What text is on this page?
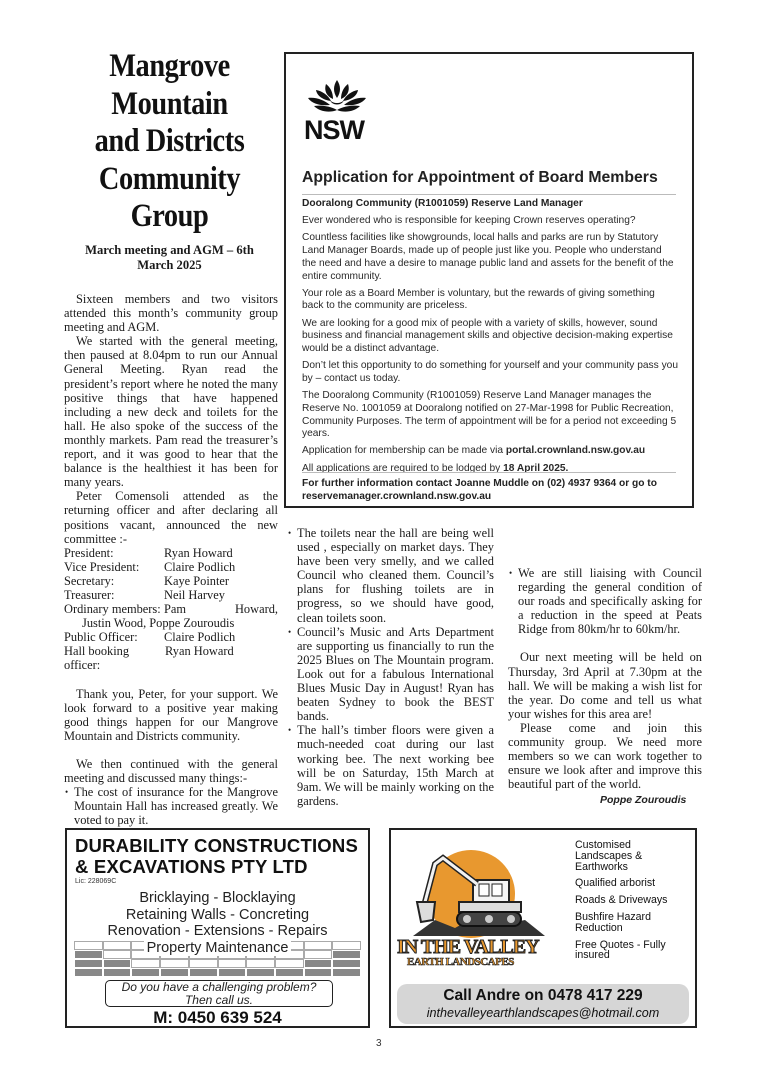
Mangrove
Mountain
and Districts
Community
Group
March meeting and AGM – 6th
March 2025

Sixteen members and two visitors attended this month’s community group meeting and AGM.

We started with the general meeting, then paused at 8.04pm to run our Annual General Meeting. Ryan read the president’s report where he noted the many positive things that have happened including a new deck and toilets for the hall. He also spoke of the success of the monthly markets. Pam read the treasurer’s report, and it was good to hear that the balance is the healthiest it has been for many years.

Peter Comensoli attended as the returning officer and after declaring all positions vacant, announced the new committee :-

President:	Ryan Howard
Vice President:	Claire Podlich
Secretary:	Kaye Pointer
Treasurer:	Neil Harvey
Ordinary members: Pam Howard,
Justin Wood, Poppe Zouroudis
Public Officer:	Claire Podlich
Hall booking officer:
Ryan Howard

Thank you, Peter, for your support. We look forward to a positive year making good things happen for our Mangrove Mountain and Districts community.

We then continued with the general meeting and discussed many things:-

• The cost of insurance for the Mangrove Mountain Hall has increased greatly. We voted to pay it.
• The toilets near the hall are being well used , especially on market days. They have been very smelly, and we called Council who cleaned them. Council’s plans for flushing toilets are in progress, so we should have good, clean toilets soon.
• Council’s Music and Arts Department are supporting us financially to run the 2025 Blues on The Mountain program. Look out for a fabulous International Blues Music Day in August! Ryan has beaten Sydney to book the BEST bands.
• The hall’s timber floors were given a much-needed coat during our last working bee. The next working bee will be on Saturday, 15th March at 9am. We will be mainly working on the gardens.
• We are still liaising with Council regarding the general condition of our roads and specifically asking for a reduction in the speed at Peats Ridge from 80km/hr to 60km/hr.

Our next meeting will be held on Thursday, 3rd April at 7.30pm at the hall. We will be making a wish list for the year. Do come and tell us what your wishes for this area are!

Please come and join this community group. We need more members so we can work together to ensure we look after and improve this beautiful part of the world.

Poppe Zouroudis
NSW
Application for Appointment of Board Members

Dooralong Community (R1001059) Reserve Land Manager

Ever wondered who is responsible for keeping Crown reserves operating?

Countless facilities like showgrounds, local halls and parks are run by Statutory Land Manager Boards, made up of people just like you. People who understand the need and have a desire to manage public land and assets for the benefit of the entire community.

Your role as a Board Member is voluntary, but the rewards of giving something back to the community are priceless.

We are looking for a good mix of people with a variety of skills, however, sound business and financial management skills and objective decision-making expertise would be a distinct advantage.

Don’t let this opportunity to do something for yourself and your community pass you by – contact us today.

The Dooralong Community (R1001059) Reserve Land Manager manages the Reserve No. 1001059 at Dooralong notified on 27-Mar-1998 for Public Recreation, Community Purposes. The term of appointment will be for a period not exceeding 5 years.

Application for membership can be made via portal.crownland.nsw.gov.au

All applications are required to be lodged by 18 April 2025.

For further information contact Joanne Muddle on (02) 4937 9364 or go to reservemanager.crownland.nsw.gov.au
DURABILITY CONSTRUCTIONS
& EXCAVATIONS PTY LTD
Lic: 228069C
Bricklaying - Blocklaying
Retaining Walls - Concreting
Renovation - Extensions - Repairs
Property Maintenance
Do you have a challenging problem?
Then call us.
M: 0450 639 524
IN THE VALLEY
EARTH LANDSCAPES
Customised Landscapes & Earthworks
Qualified arborist
Roads & Driveways
Bushfire Hazard Reduction
Free Quotes - Fully insured
Call Andre on 0478 417 229
inthevalleyearthlandscapes@hotmail.com
3
